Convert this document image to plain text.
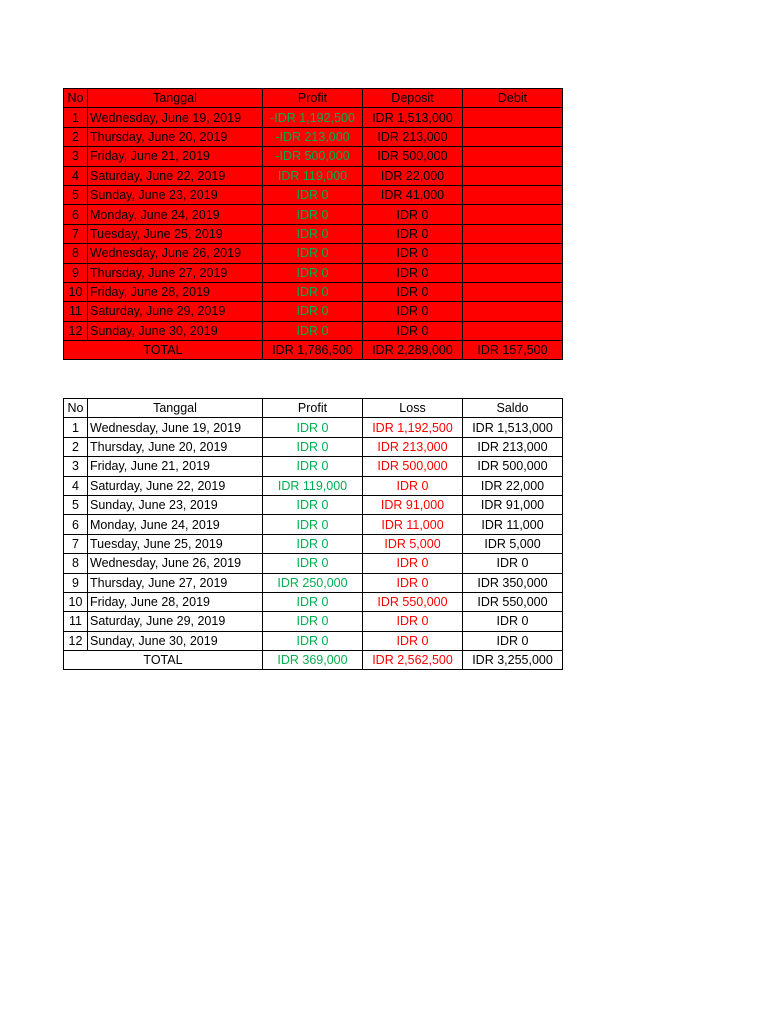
No	Tanggal	Profit	Deposit	Debit
1	Wednesday, June 19, 2019	-IDR 1,192,500	IDR 1,513,000	
2	Thursday, June 20, 2019	-IDR 213,000	IDR 213,000	
3	Friday, June 21, 2019	-IDR 500,000	IDR 500,000	
4	Saturday, June 22, 2019	IDR 119,000	IDR 22,000	
5	Sunday, June 23, 2019	IDR 0	IDR 41,000	
6	Monday, June 24, 2019	IDR 0	IDR 0	
7	Tuesday, June 25, 2019	IDR 0	IDR 0	
8	Wednesday, June 26, 2019	IDR 0	IDR 0	
9	Thursday, June 27, 2019	IDR 0	IDR 0	
10	Friday, June 28, 2019	IDR 0	IDR 0	
11	Saturday, June 29, 2019	IDR 0	IDR 0	
12	Sunday, June 30, 2019	IDR 0	IDR 0	
TOTAL		IDR 1,786,500	IDR 2,289,000	IDR 157,500
No	Tanggal	Profit	Loss	Saldo
1	Wednesday, June 19, 2019	IDR 0	IDR 1,192,500	IDR 1,513,000
2	Thursday, June 20, 2019	IDR 0	IDR 213,000	IDR 213,000
3	Friday, June 21, 2019	IDR 0	IDR 500,000	IDR 500,000
4	Saturday, June 22, 2019	IDR 119,000	IDR 0	IDR 22,000
5	Sunday, June 23, 2019	IDR 0	IDR 91,000	IDR 91,000
6	Monday, June 24, 2019	IDR 0	IDR 11,000	IDR 11,000
7	Tuesday, June 25, 2019	IDR 0	IDR 5,000	IDR 5,000
8	Wednesday, June 26, 2019	IDR 0	IDR 0	IDR 0
9	Thursday, June 27, 2019	IDR 250,000	IDR 0	IDR 350,000
10	Friday, June 28, 2019	IDR 0	IDR 550,000	IDR 550,000
11	Saturday, June 29, 2019	IDR 0	IDR 0	IDR 0
12	Sunday, June 30, 2019	IDR 0	IDR 0	IDR 0
TOTAL		IDR 369,000	IDR 2,562,500	IDR 3,255,000
